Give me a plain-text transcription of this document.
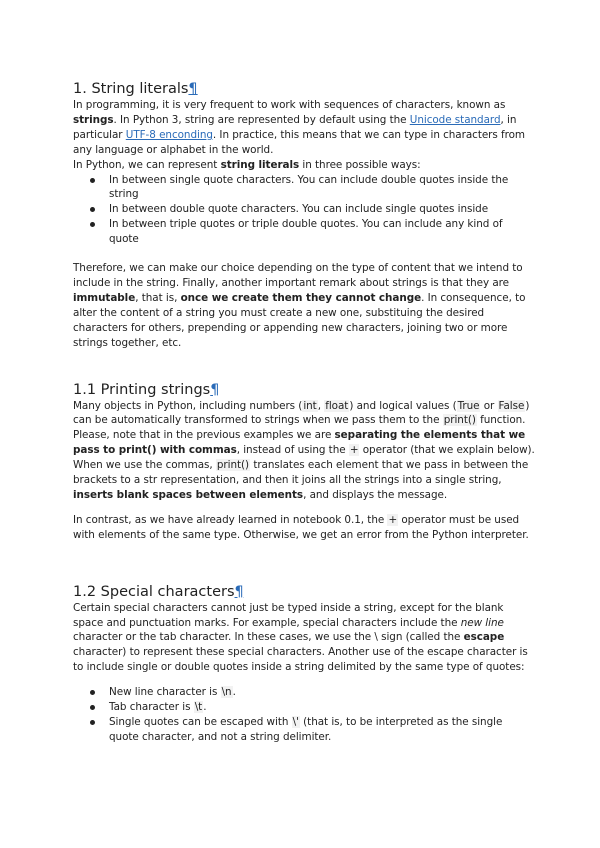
1. String literals¶

In programming, it is very frequent to work with sequences of characters, known as strings. In Python 3, string are represented by default using the Unicode standard, in particular UTF-8 enconding. In practice, this means that we can type in characters from any language or alphabet in the world.

In Python, we can represent string literals in three possible ways:

In between single quote characters. You can include double quotes inside the string
In between double quote characters. You can include single quotes inside
In between triple quotes or triple double quotes. You can include any kind of quote

Therefore, we can make our choice depending on the type of content that we intend to include in the string. Finally, another important remark about strings is that they are immutable, that is, once we create them they cannot change. In consequence, to alter the content of a string you must create a new one, substituing the desired characters for others, prepending or appending new characters, joining two or more strings together, etc.

1.1 Printing strings¶

Many objects in Python, including numbers (int, float) and logical values (True or False) can be automatically transformed to strings when we pass them to the print() function. Please, note that in the previous examples we are separating the elements that we pass to print() with commas, instead of using the + operator (that we explain below). When we use the commas, print() translates each element that we pass in between the brackets to a str representation, and then it joins all the strings into a single string, inserts blank spaces between elements, and displays the message.

In contrast, as we have already learned in notebook 0.1, the + operator must be used with elements of the same type. Otherwise, we get an error from the Python interpreter.

1.2 Special characters¶

Certain special characters cannot just be typed inside a string, except for the blank space and punctuation marks. For example, special characters include the new line character or the tab character. In these cases, we use the \ sign (called the escape character) to represent these special characters. Another use of the escape character is to include single or double quotes inside a string delimited by the same type of quotes:

New line character is \n.
Tab character is \t.
Single quotes can be escaped with \' (that is, to be interpreted as the single quote character, and not a string delimiter.
